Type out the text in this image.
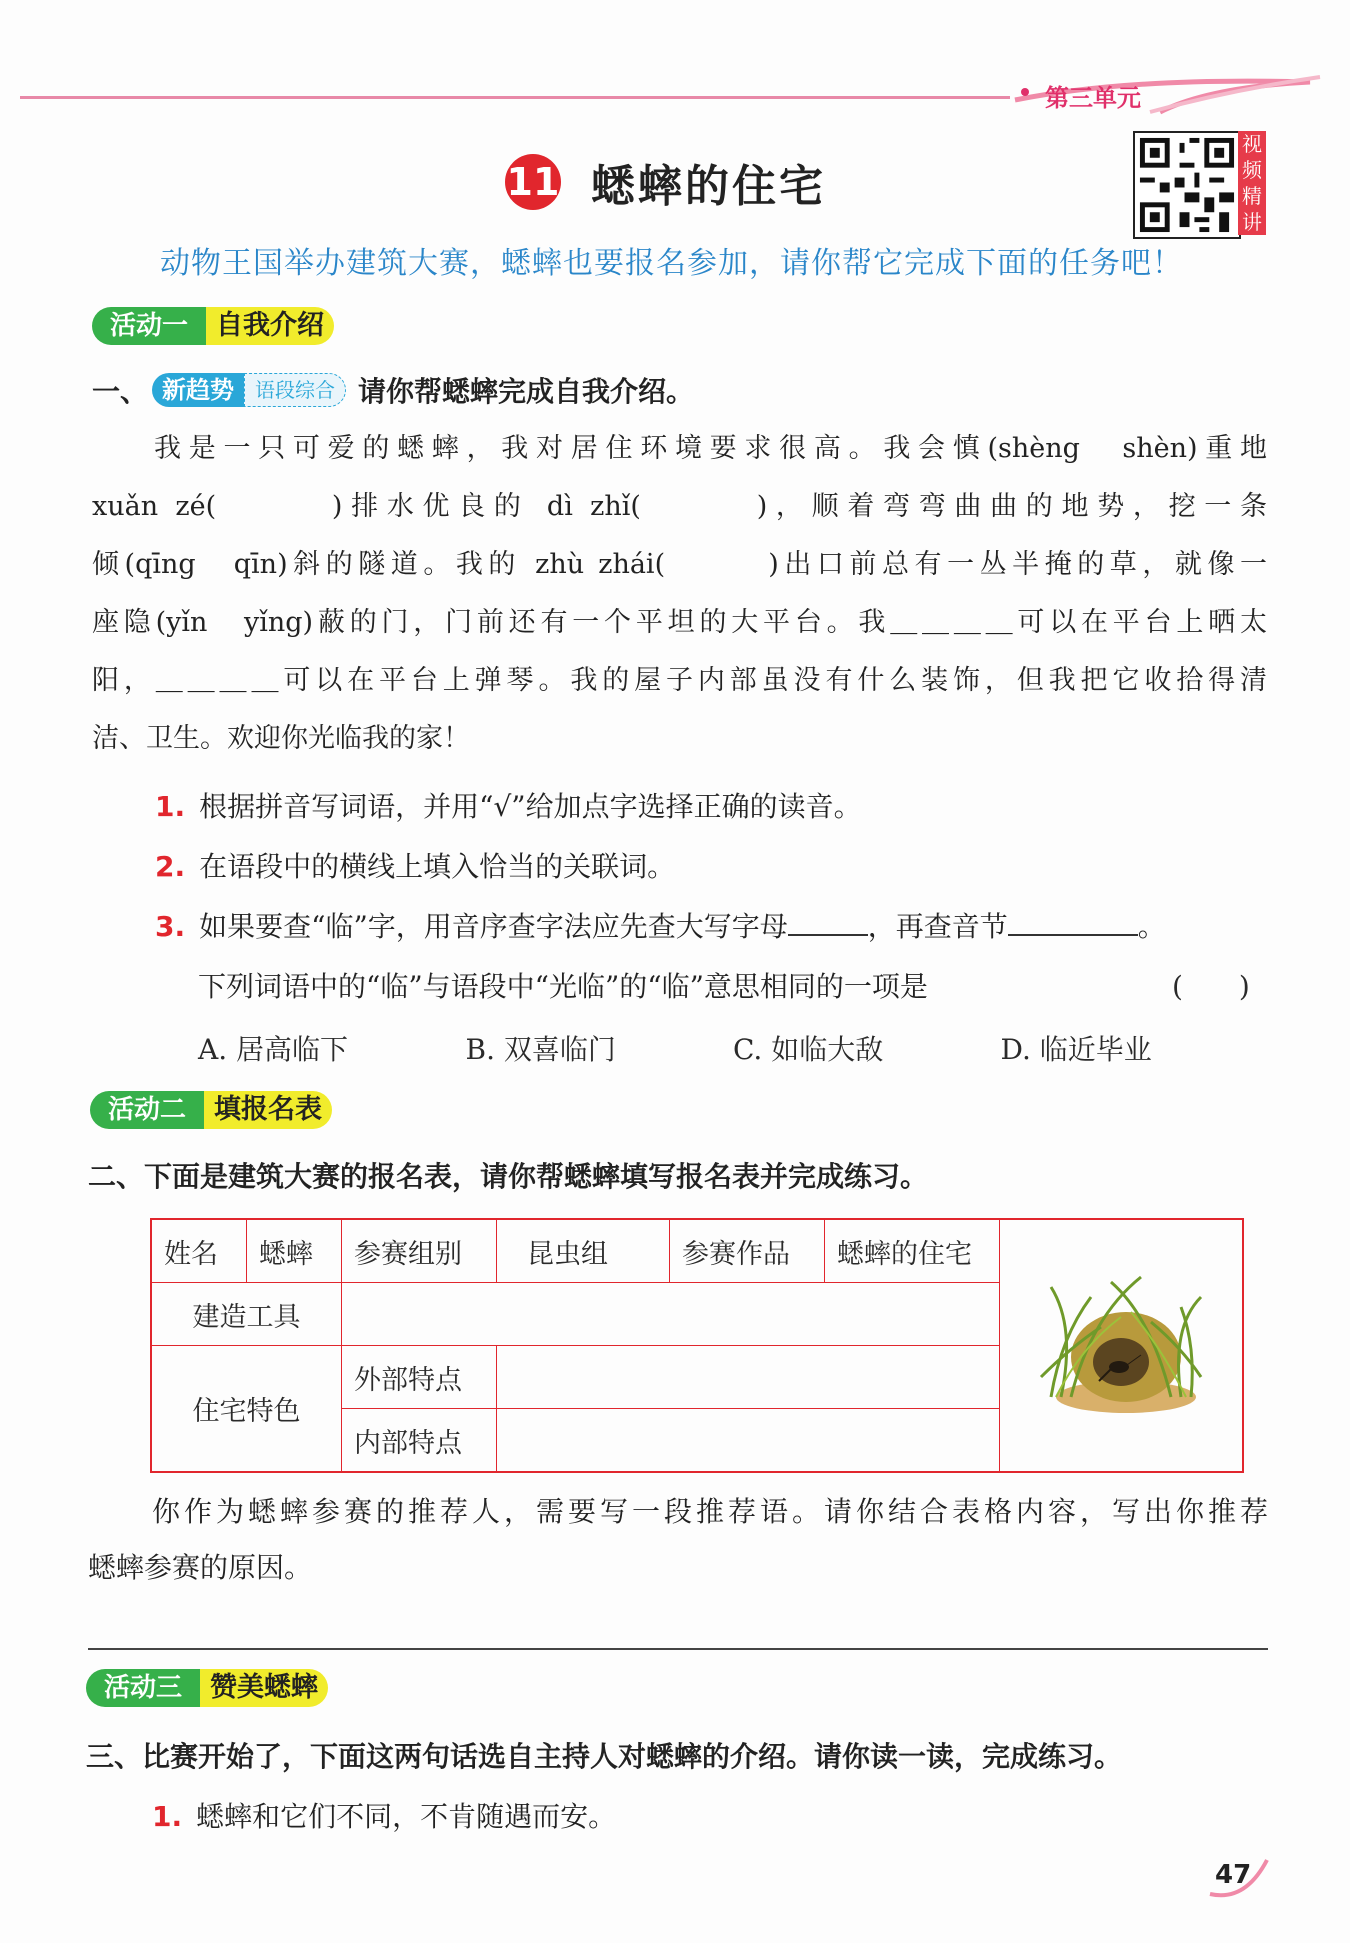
第三单元
11 蟋蟀的住宅
视频精讲
动物王国举办建筑大赛，蟋蟀也要报名参加，请你帮它完成下面的任务吧！
活动一	自我介绍
一、 新趋势	语段综合 请你帮蟋蟀完成自我介绍。
我是一只可爱的蟋蟀，我对居住环境要求很高。我会慎(shèng　shèn)重地
xuǎn zé(　　　)排水优良的 dì zhǐ(　　　)，顺着弯弯曲曲的地势，挖一条
倾(qīng　qīn)斜的隧道。我的 zhù zhái(　　　)出口前总有一丛半掩的草，就像一
座隐(yǐn　yǐng)蔽的门，门前还有一个平坦的大平台。我＿＿＿＿可以在平台上晒太
阳，＿＿＿＿可以在平台上弹琴。我的屋子内部虽没有什么装饰，但我把它收拾得清
洁、卫生。欢迎你光临我的家！
1. 根据拼音写词语，并用“√”给加点字选择正确的读音。
2. 在语段中的横线上填入恰当的关联词。
3. 如果要查“临”字，用音序查字法应先查大写字母	，再查音节	。
下列词语中的“临”与语段中“光临”的“临”意思相同的一项是	(　　)
A. 居高临下	B. 双喜临门	C. 如临大敌	D. 临近毕业
活动二	填报名表
二、下面是建筑大赛的报名表，请你帮蟋蟀填写报名表并完成练习。
姓名	蟋蟀	参赛组别	昆虫组	参赛作品	蟋蟀的住宅	
建造工具						
住宅特色		外部特点				
		内部特点				
你作为蟋蟀参赛的推荐人，需要写一段推荐语。请你结合表格内容，写出你推荐
蟋蟀参赛的原因。
活动三	赞美蟋蟀
三、比赛开始了，下面这两句话选自主持人对蟋蟀的介绍。请你读一读，完成练习。
1. 蟋蟀和它们不同，不肯随遇而安。
47
